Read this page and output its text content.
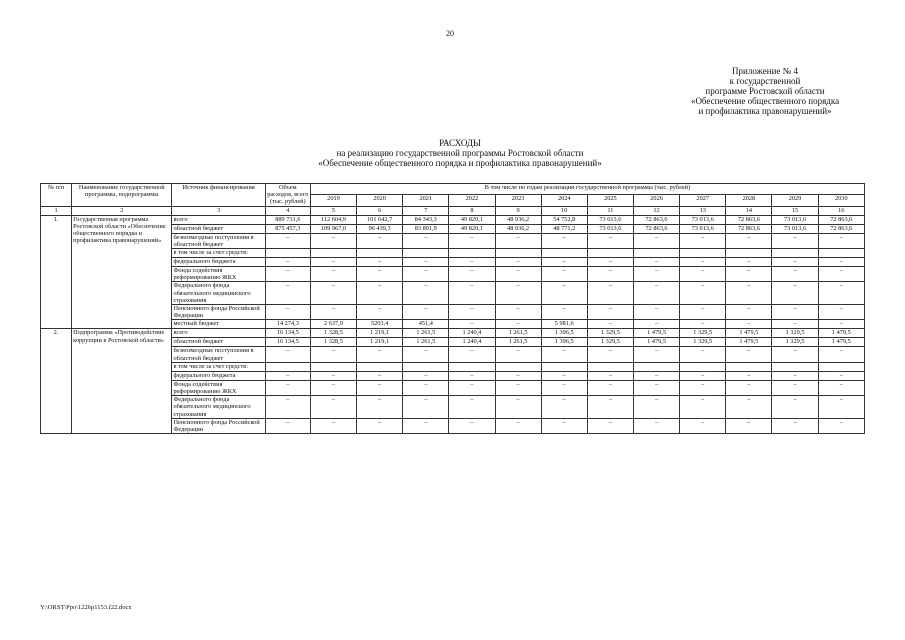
20
Приложение № 4
к государственной
программе Ростовской области
«Обеспечение общественного порядка
и профилактика правонарушений»
РАСХОДЫ
на реализацию государственной программы Ростовской области
«Обеспечение общественного порядка и профилактика правонарушений»
№ п/п	Наименование государственной программы, подпрограммы	Источник финансирования	Объем расходов, всего (тыс. рублей)	В том числе по годам реализации государственной программы (тыс. рублей)											
				2019	2020	2021	2022	2023	2024	2025	2026	2027	2028	2029	2030
1	2	3	4	5	6	7	8	9	10	11	12	13	14	15	16
1.	Государственная программа Ростовской области «Обеспечение общественного порядка и профилактика правонарушений»	всего	889 731,6	112 604,9	101 642,7	84 343,3	49 820,1	48 936,2	54 752,8	73 013,6	72 863,6	73 013,6	72 863,6	73 013,6	72 863,6
		областной бюджет	875 457,3	109 967,0	96 439,3	83 891,9	49 820,1	48 936,2	48 771,2	73 013,6	72 863,6	73 013,6	72 863,6	73 013,6	72 863,6
		безвозмездные поступления в областной бюджет	–	–	–	–	–	–	–	–	–	–	–	–	–
		в том числе за счет средств:													
		федерального бюджета	–	–	–	–	–	–	–	–	–	–	–	–	–
		Фонда содействия реформированию ЖКХ	–	–	–	–	–	–	–	–	–	–	–	–	–
		Федерального фонда обязательного медицинского страхования	–	–	–	–	–	–	–	–	–	–	–	–	–
		Пенсионного фонда Российской Федерации	–	–	–	–	–	–	–	–	–	–	–	–	–
		местный бюджет	14 274,3	2 637,9	5203,4	451,4	–	–	5 981,6	–	–	–	–	–	–
2.	Подпрограмма «Противодействие коррупции в Ростовской области»	всего	16 134,5	1 328,5	1 219,1	1 261,5	1 240,4	1 261,5	1 396,5	1 329,5	1 479,5	1 329,5	1 479,5	1 329,5	1 479,5
		областной бюджет	16 134,5	1 328,5	1 219,1	1 261,5	1 240,4	1 261,5	1 396,5	1 329,5	1 479,5	1 329,5	1 479,5	1 329,5	1 479,5
		безвозмездные поступления в областной бюджет	–	–	–	–	–	–	–	–	–	–	–	–	–
		в том числе за счет средств:													
		федерального бюджета	–	–	–	–	–	–	–	–	–	–	–	–	–
		Фонда содействия реформированию ЖКХ	–	–	–	–	–	–	–	–	–	–	–	–	–
		Федерального фонда обязательного медицинского страхования	–	–	–	–	–	–	–	–	–	–	–	–	–
		Пенсионного фонда Российской Федерации	–	–	–	–	–	–	–	–	–	–	–	–	–
Y:\ORST\Ppo\1226p1153.f22.docx
